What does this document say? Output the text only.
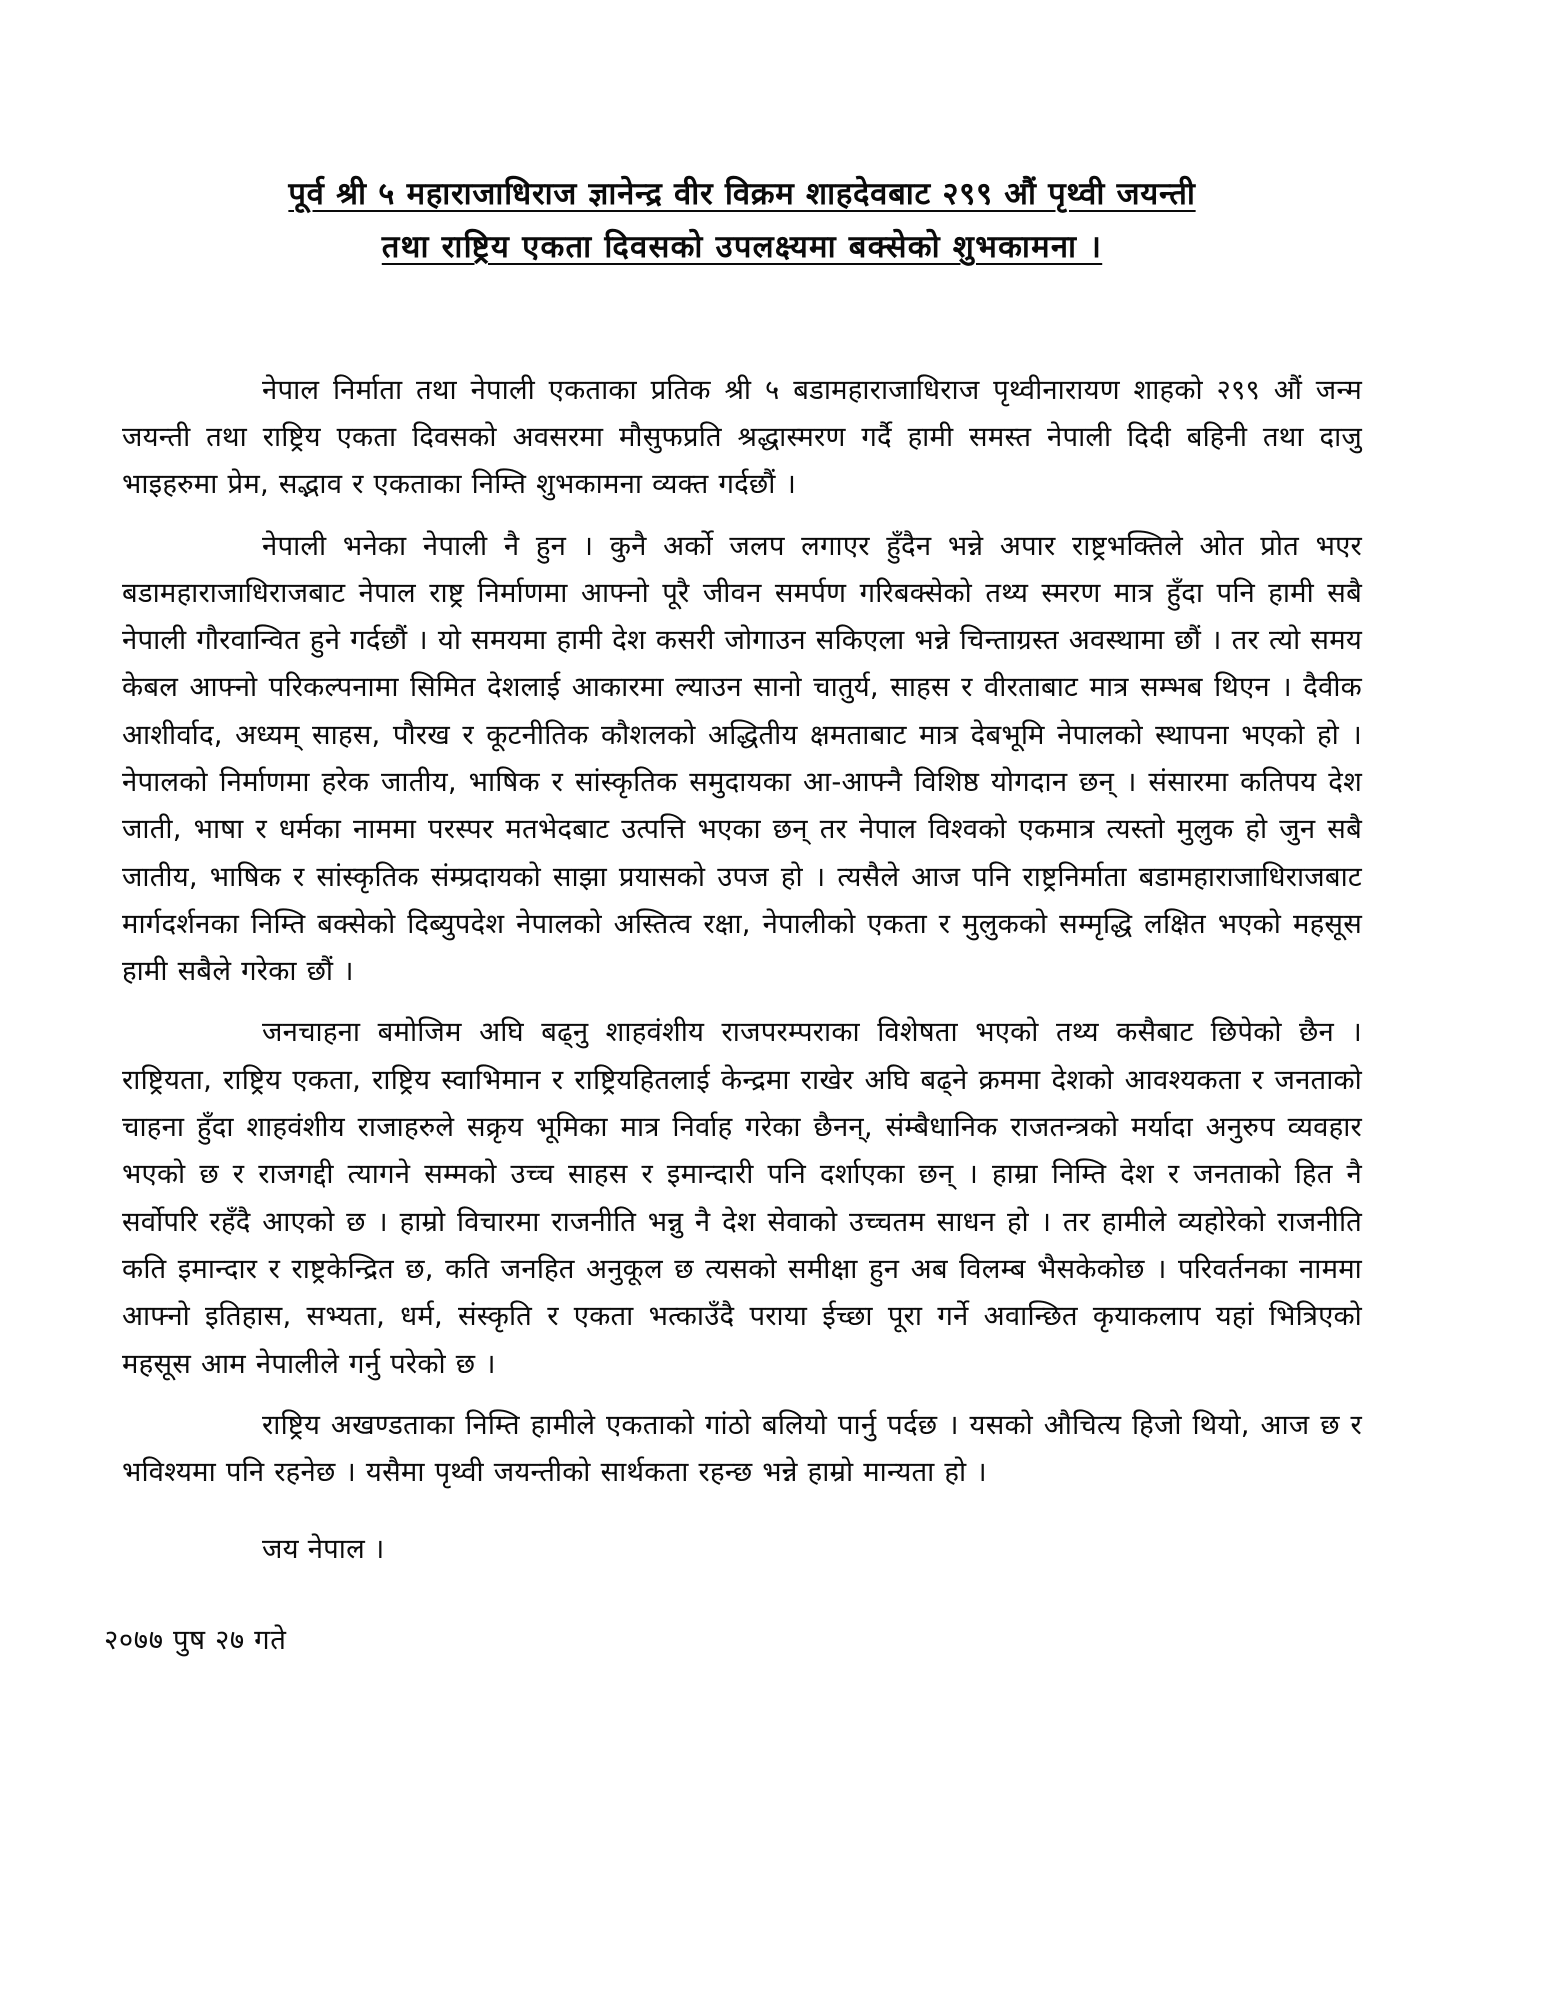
पूर्व श्री ५ महाराजाधिराज ज्ञानेन्द्र वीर विक्रम शाहदेवबाट २९९ औं पृथ्वी जयन्ती
तथा राष्ट्रिय एकता दिवसको उपलक्ष्यमा बक्सेको शुभकामना ।

नेपाल निर्माता तथा नेपाली एकताका प्रतिक श्री ५ बडामहाराजाधिराज पृथ्वीनारायण शाहको २९९ औं जन्म जयन्ती तथा राष्ट्रिय एकता दिवसको अवसरमा मौसुफप्रति श्रद्धास्मरण गर्दै हामी समस्त नेपाली दिदी बहिनी तथा दाजु भाइहरुमा प्रेम, सद्भाव र एकताका निम्ति शुभकामना व्यक्त गर्दछौं ।

नेपाली भनेका नेपाली नै हुन । कुनै अर्को जलप लगाएर हुँदैन भन्ने अपार राष्ट्रभक्तिले ओत प्रोत भएर बडामहाराजाधिराजबाट नेपाल राष्ट्र निर्माणमा आफ्नो पूरै जीवन समर्पण गरिबक्सेको तथ्य स्मरण मात्र हुँदा पनि हामी सबै नेपाली गौरवान्वित हुने गर्दछौं । यो समयमा हामी देश कसरी जोगाउन सकिएला भन्ने चिन्ताग्रस्त अवस्थामा छौं । तर त्यो समय केबल आफ्नो परिकल्पनामा सिमित देशलाई आकारमा ल्याउन सानो चातुर्य, साहस र वीरताबाट मात्र सम्भब थिएन । दैवीक आशीर्वाद, अध्यम् साहस, पौरख र कूटनीतिक कौशलको अद्धितीय क्षमताबाट मात्र देबभूमि नेपालको स्थापना भएको हो । नेपालको निर्माणमा हरेक जातीय, भाषिक र सांस्कृतिक समुदायका आ-आफ्नै विशिष्ठ योगदान छन् । संसारमा कतिपय देश जाती, भाषा र धर्मका नाममा परस्पर मतभेदबाट उत्पत्ति भएका छन् तर नेपाल विश्वको एकमात्र त्यस्तो मुलुक हो जुन सबै जातीय, भाषिक र सांस्कृतिक संम्प्रदायको साझा प्रयासको उपज हो । त्यसैले आज पनि राष्ट्रनिर्माता बडामहाराजाधिराजबाट मार्गदर्शनका निम्ति बक्सेको दिब्युपदेश नेपालको अस्तित्व रक्षा, नेपालीको एकता र मुलुकको सम्मृद्धि लक्षित भएको महसूस हामी सबैले गरेका छौं ।

जनचाहना बमोजिम अघि बढ्नु शाहवंशीय राजपरम्पराका विशेषता भएको तथ्य कसैबाट छिपेको छैन । राष्ट्रियता, राष्ट्रिय एकता, राष्ट्रिय स्वाभिमान र राष्ट्रियहितलाई केन्द्रमा राखेर अघि बढ्ने क्रममा देशको आवश्यकता र जनताको चाहना हुँदा शाहवंशीय राजाहरुले सक्रृय भूमिका मात्र निर्वाह गरेका छैनन्, संम्बैधानिक राजतन्त्रको मर्यादा अनुरुप व्यवहार भएको छ र राजगद्दी त्यागने सम्मको उच्च साहस र इमान्दारी पनि दर्शाएका छन् । हाम्रा निम्ति देश र जनताको हित नै सर्वोपरि रहँदै आएको छ । हाम्रो विचारमा राजनीति भन्नु नै देश सेवाको उच्चतम साधन हो । तर हामीले व्यहोरेको राजनीति कति इमान्दार र राष्ट्रकेन्द्रित छ, कति जनहित अनुकूल छ त्यसको समीक्षा हुन अब विलम्ब भैसकेकोछ । परिवर्तनका नाममा आफ्नो इतिहास, सभ्यता, धर्म, संस्कृति र एकता भत्काउँदै पराया ईच्छा पूरा गर्ने अवान्छित कृयाकलाप यहां भित्रिएको महसूस आम नेपालीले गर्नु परेको छ ।

राष्ट्रिय अखण्डताका निम्ति हामीले एकताको गांठो बलियो पार्नु पर्दछ । यसको औचित्य हिजो थियो, आज छ र भविश्यमा पनि रहनेछ । यसैमा पृथ्वी जयन्तीको सार्थकता रहन्छ भन्ने हाम्रो मान्यता हो ।

जय नेपाल ।

२०७७ पुष २७ गते
